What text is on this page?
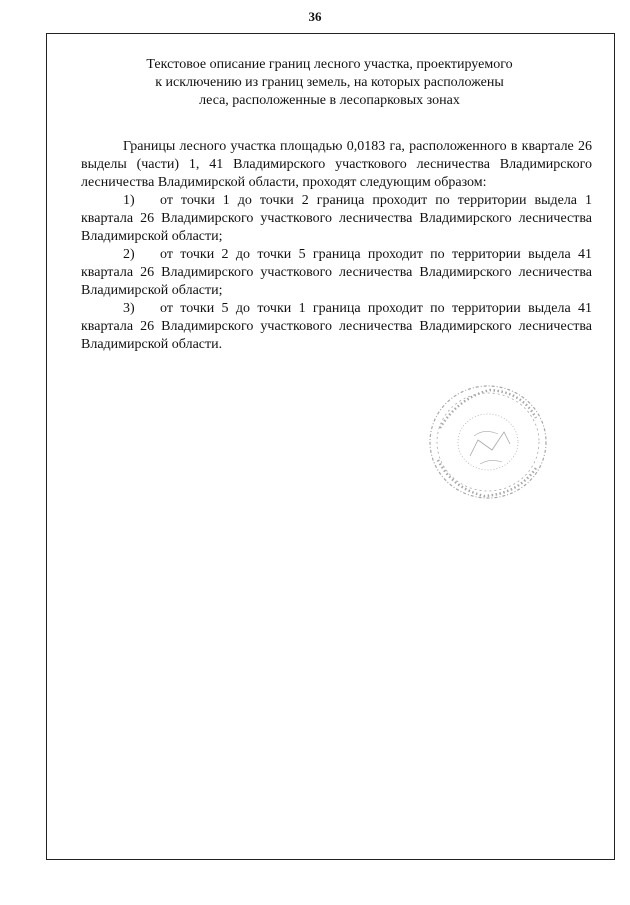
36
Текстовое описание границ лесного участка, проектируемого
к исключению из границ земель, на которых расположены
леса, расположенные в лесопарковых зонах

Границы лесного участка площадью 0,0183 га, расположенного в квартале 26 выделы (части) 1, 41 Владимирского участкового лесничества Владимирского лесничества Владимирской области, проходят следующим образом:

1) от точки 1 до точки 2 граница проходит по территории выдела 1 квартала 26 Владимирского участкового лесничества Владимирского лесничества Владимирской области;

2) от точки 2 до точки 5 граница проходит по территории выдела 41 квартала 26 Владимирского участкового лесничества Владимирского лесничества Владимирской области;

3) от точки 5 до точки 1 граница проходит по территории выдела 41 квартала 26 Владимирского участкового лесничества Владимирского лесничества Владимирской области.
